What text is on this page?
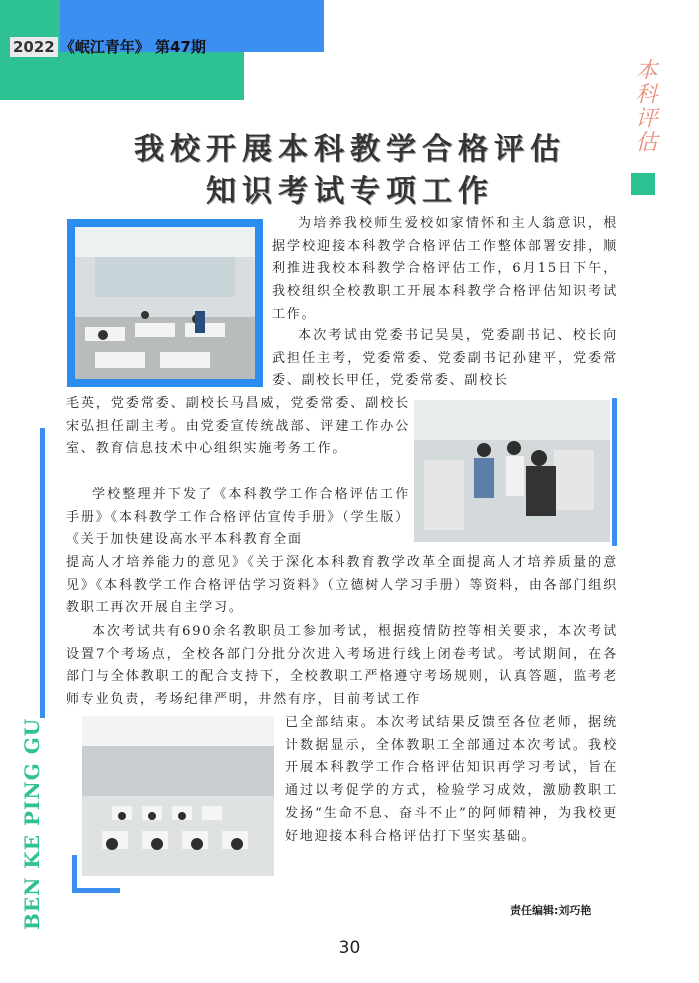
2022 《岷江青年》 第47期
本科评估
我校开展本科教学合格评估
知识考试专项工作
为培养我校师生爱校如家情怀和主人翁意识，根据学校迎接本科教学合格评估工作整体部署安排，顺利推进我校本科教学合格评估工作，6月15日下午，我校组织全校教职工开展本科教学合格评估知识考试工作。
本次考试由党委书记吴昊，党委副书记、校长向武担任主考，党委常委、党委副书记孙建平，党委常委、副校长甲任，党委常委、副校长
毛英，党委常委、副校长马昌威，党委常委、副校长宋弘担任副主考。由党委宣传统战部、评建工作办公室、教育信息技术中心组织实施考务工作。
学校整理并下发了《本科教学工作合格评估工作手册》《本科教学工作合格评估宣传手册》（学生版）《关于加快建设高水平本科教育全面
提高人才培养能力的意见》《关于深化本科教育教学改革全面提高人才培养质量的意见》《本科教学工作合格评估学习资料》（立德树人学习手册）等资料，由各部门组织教职工再次开展自主学习。
本次考试共有690余名教职员工参加考试，根据疫情防控等相关要求，本次考试设置7个考场点，全校各部门分批分次进入考场进行线上闭卷考试。考试期间，在各部门与全体教职工的配合支持下，全校教职工严格遵守考场规则，认真答题，监考老师专业负责，考场纪律严明，井然有序，目前考试工作
已全部结束。本次考试结果反馈至各位老师，据统计数据显示，全体教职工全部通过本次考试。我校开展本科教学工作合格评估知识再学习考试，旨在通过以考促学的方式，检验学习成效，激励教职工发扬“生命不息、奋斗不止”的阿师精神，为我校更好地迎接本科合格评估打下坚实基础。
BEN KE PING GU	责任编辑:刘巧艳
30
